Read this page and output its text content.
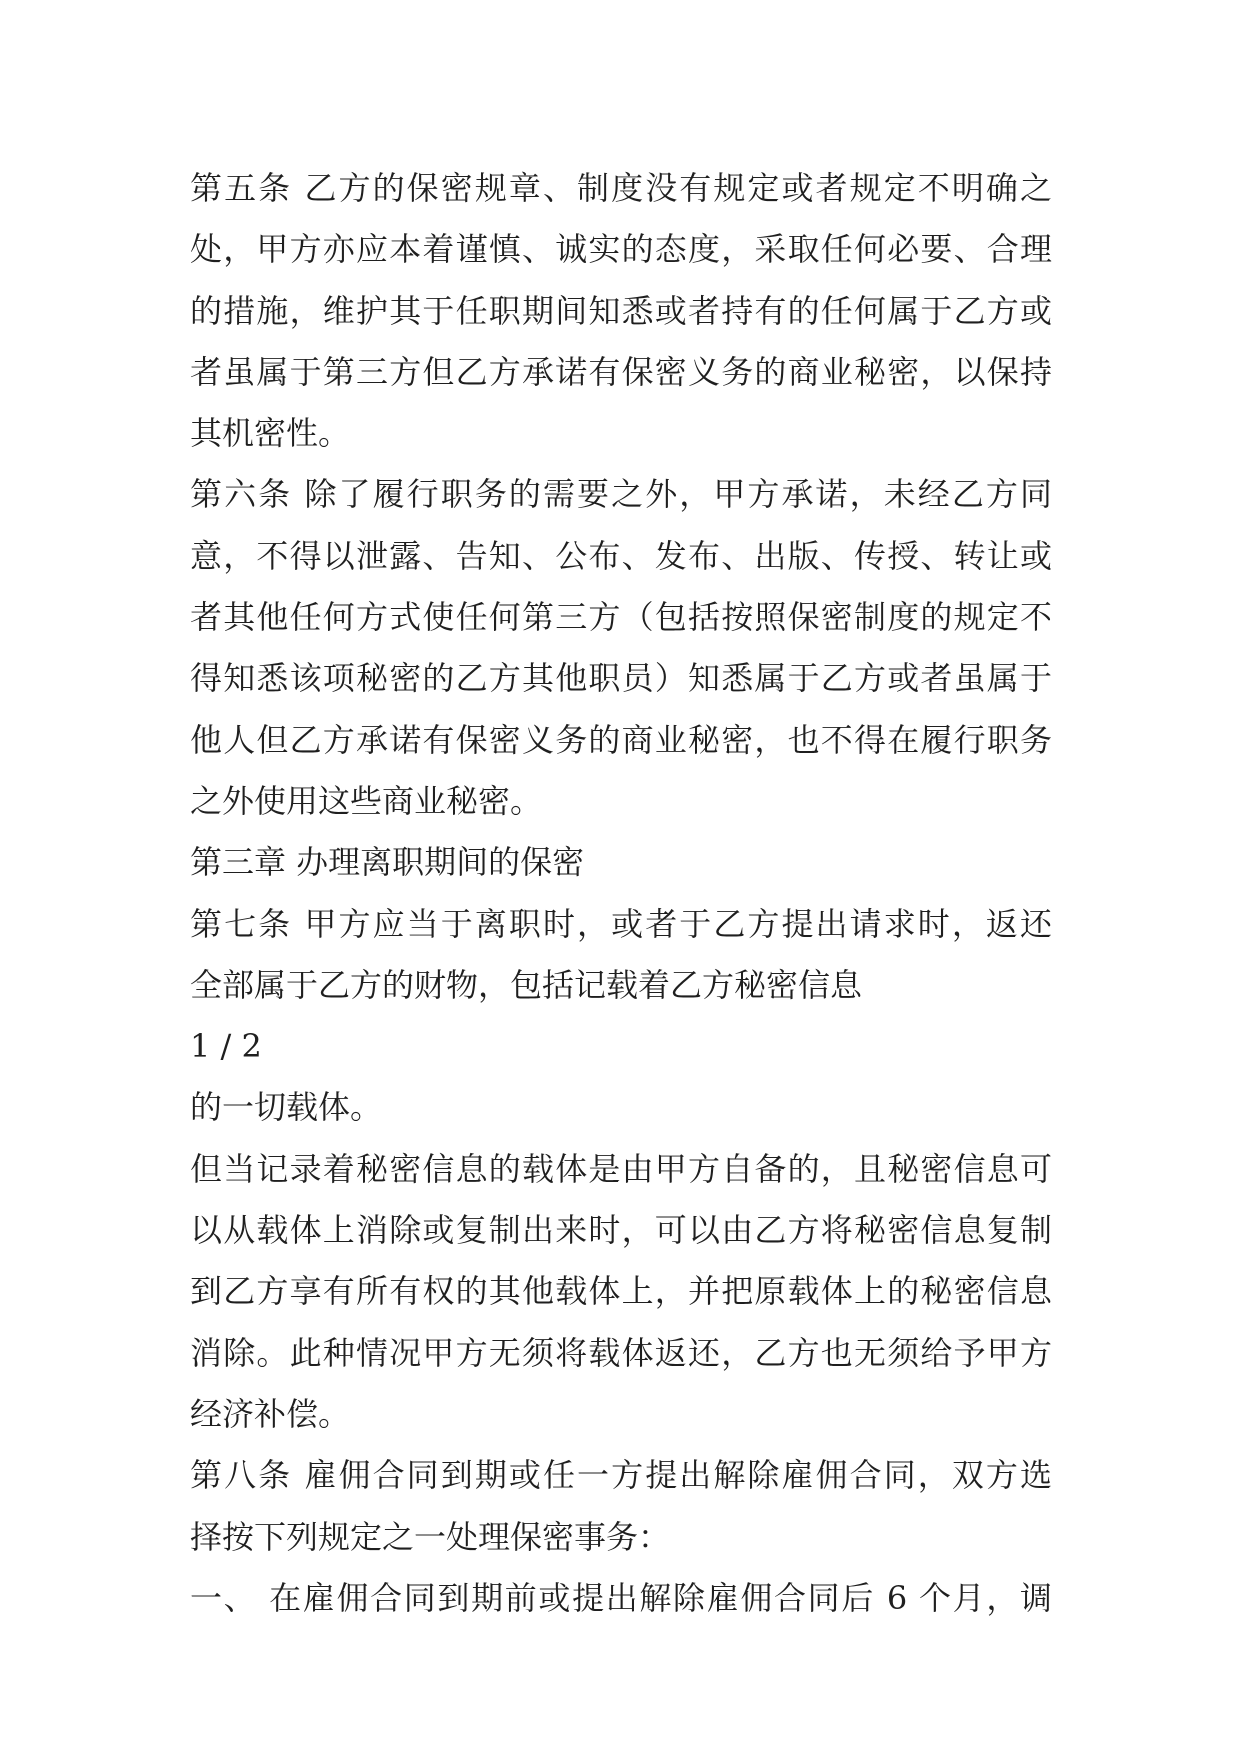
第五条 乙方的保密规章、制度没有规定或者规定不明确之
处，甲方亦应本着谨慎、诚实的态度，采取任何必要、合理
的措施，维护其于任职期间知悉或者持有的任何属于乙方或
者虽属于第三方但乙方承诺有保密义务的商业秘密，以保持
其机密性。
第六条 除了履行职务的需要之外，甲方承诺，未经乙方同
意，不得以泄露、告知、公布、发布、出版、传授、转让或
者其他任何方式使任何第三方（包括按照保密制度的规定不
得知悉该项秘密的乙方其他职员）知悉属于乙方或者虽属于
他人但乙方承诺有保密义务的商业秘密，也不得在履行职务
之外使用这些商业秘密。
第三章 办理离职期间的保密
第七条 甲方应当于离职时，或者于乙方提出请求时，返还
全部属于乙方的财物，包括记载着乙方秘密信息
1 / 2
的一切载体。
但当记录着秘密信息的载体是由甲方自备的，且秘密信息可
以从载体上消除或复制出来时，可以由乙方将秘密信息复制
到乙方享有所有权的其他载体上，并把原载体上的秘密信息
消除。此种情况甲方无须将载体返还，乙方也无须给予甲方
经济补偿。
第八条 雇佣合同到期或任一方提出解除雇佣合同，双方选
择按下列规定之一处理保密事务：
一、 在雇佣合同到期前或提出解除雇佣合同后 6 个月，调
